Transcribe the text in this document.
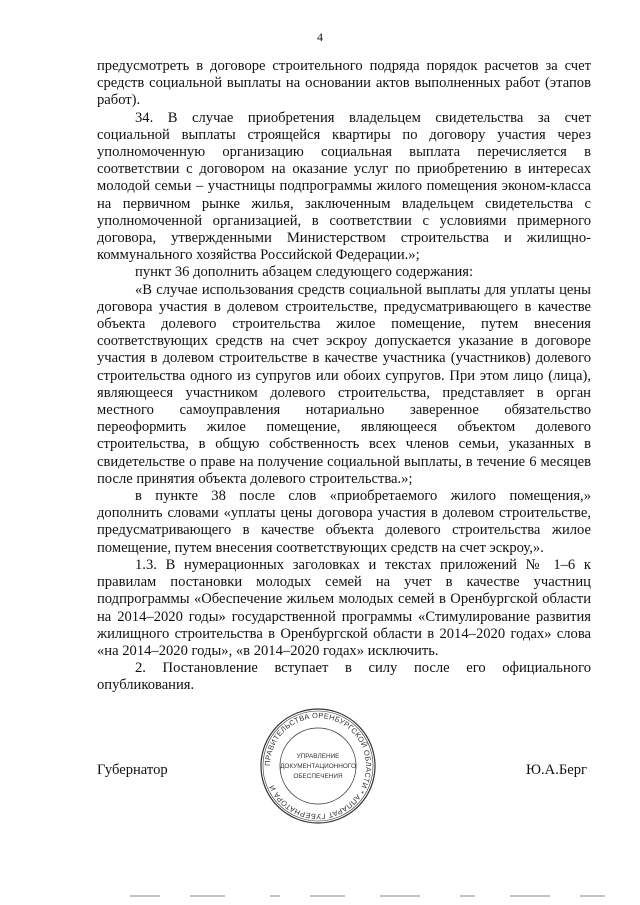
4

предусмотреть в договоре строительного подряда порядок расчетов за счет средств социальной выплаты на основании актов выполненных работ (этапов работ).

34. В случае приобретения владельцем свидетельства за счет социальной выплаты строящейся квартиры по договору участия через уполномоченную организацию социальная выплата перечисляется в соответствии с договором на оказание услуг по приобретению в интересах молодой семьи – участницы подпрограммы жилого помещения эконом-класса на первичном рынке жилья, заключенным владельцем свидетельства с уполномоченной организацией, в соответствии с условиями примерного договора, утвержденными Министерством строительства и жилищно-коммунального хозяйства Российской Федерации.»;

пункт 36 дополнить абзацем следующего содержания:

«В случае использования средств социальной выплаты для уплаты цены договора участия в долевом строительстве, предусматривающего в качестве объекта долевого строительства жилое помещение, путем внесения соответствующих средств на счет эскроу допускается указание в договоре участия в долевом строительстве в качестве участника (участников) долевого строительства одного из супругов или обоих супругов. При этом лицо (лица), являющееся участником долевого строительства, представляет в орган местного самоуправления нотариально заверенное обязательство переоформить жилое помещение, являющееся объектом долевого строительства, в общую собственность всех членов семьи, указанных в свидетельстве о праве на получение социальной выплаты, в течение 6 месяцев после принятия объекта долевого строительства.»;

в пункте 38 после слов «приобретаемого жилого помещения,» дополнить словами «уплаты цены договора участия в долевом строительстве, предусматривающего в качестве объекта долевого строительства жилое помещение, путем внесения соответствующих средств на счет эскроу,».

1.3. В нумерационных заголовках и текстах приложений № 1–6 к правилам постановки молодых семей на учет в качестве участниц подпрограммы «Обеспечение жильем молодых семей в Оренбургской области на 2014–2020 годы» государственной программы «Стимулирование развития жилищного строительства в Оренбургской области в 2014–2020 годах» слова «на 2014–2020 годы», «в 2014–2020 годах» исключить.

2. Постановление вступает в силу после его официального опубликования.

Губернатор	Ю.А.Берг
ПРАВИТЕЛЬСТВА ОРЕНБУРГСКОЙ ОБЛАСТИ * АППАРАТ ГУБЕРНАТОРА И
УПРАВЛЕНИЕ
ДОКУМЕНТАЦИОННОГО
ОБЕСПЕЧЕНИЯ
